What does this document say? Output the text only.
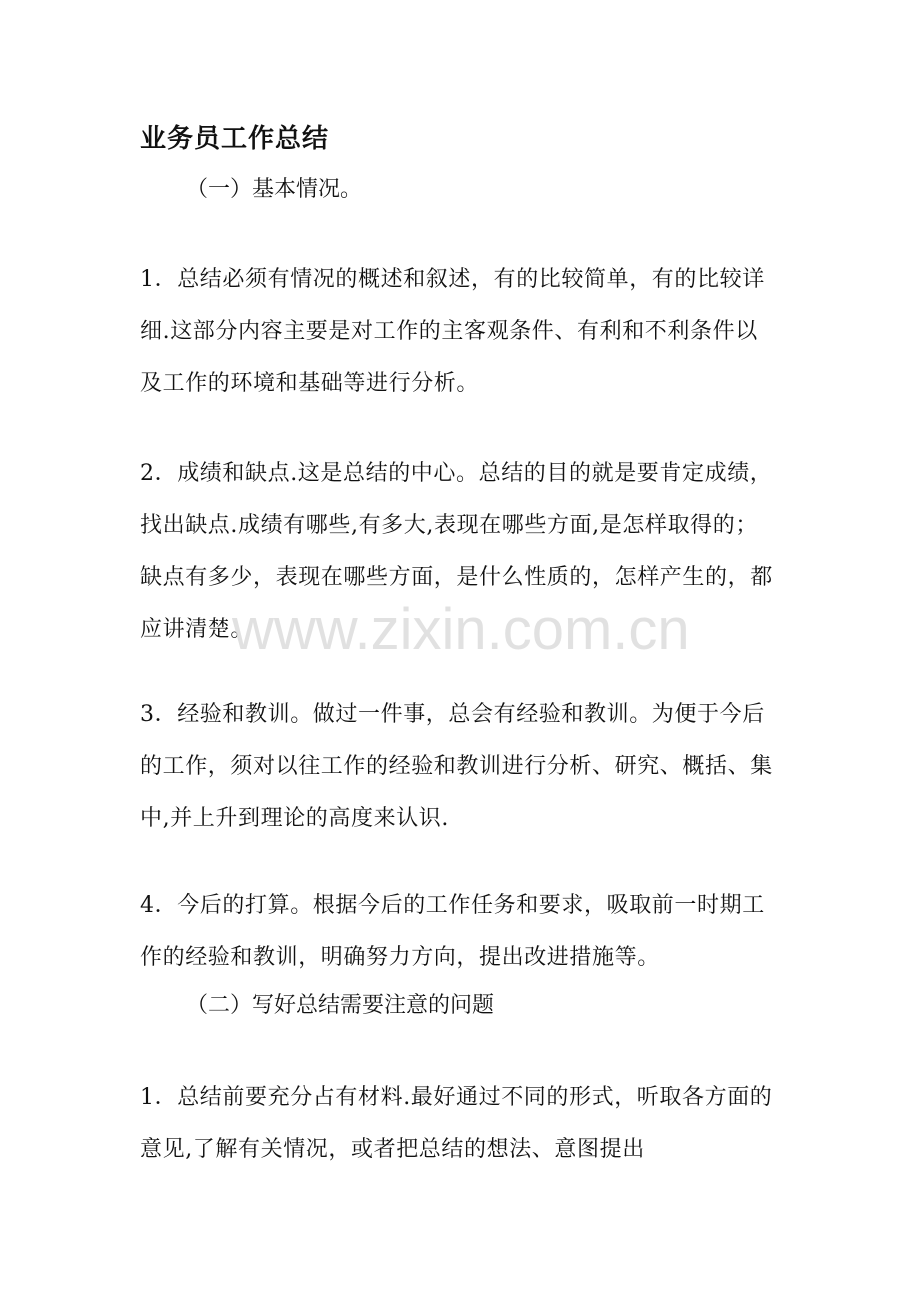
业务员工作总结
（一）基本情况。
1．总结必须有情况的概述和叙述，有的比较简单，有的比较详细.这部分内容主要是对工作的主客观条件、有利和不利条件以及工作的环境和基础等进行分析。
2．成绩和缺点.这是总结的中心。总结的目的就是要肯定成绩，找出缺点.成绩有哪些,有多大,表现在哪些方面,是怎样取得的；缺点有多少，表现在哪些方面，是什么性质的，怎样产生的，都应讲清楚。
3．经验和教训。做过一件事，总会有经验和教训。为便于今后的工作，须对以往工作的经验和教训进行分析、研究、概括、集中,并上升到理论的高度来认识.
4．今后的打算。根据今后的工作任务和要求，吸取前一时期工作的经验和教训，明确努力方向，提出改进措施等。
（二）写好总结需要注意的问题
1．总结前要充分占有材料.最好通过不同的形式，听取各方面的意见,了解有关情况，或者把总结的想法、意图提出
www.zixin.com.cn
